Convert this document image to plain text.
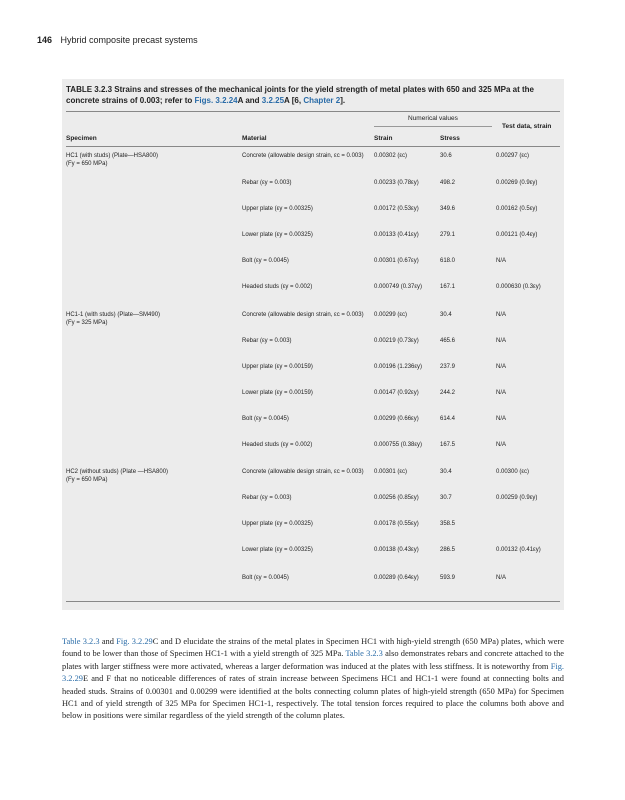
146 Hybrid composite precast systems
TABLE 3.2.3 Strains and stresses of the mechanical joints for the yield strength of metal plates with 650 and 325 MPa at the concrete strains of 0.003; refer to Figs. 3.2.24A and 3.2.25A [6, Chapter 2].
Numerical values
Specimen	Material	Strain	Stress
Test data, strain
HC1 (with studs) (Plate—HSA800)
(Fy = 650 MPa)
Concrete (allowable design strain, εc = 0.003)	0.00302 (εc)	30.6	0.00297 (εc)
Rebar (εy = 0.003)	0.00233 (0.78εy)	498.2	0.00269 (0.9εy)
Upper plate (εy = 0.00325)	0.00172 (0.53εy)	349.6	0.00162 (0.5εy)
Lower plate (εy = 0.00325)	0.00133 (0.41εy)	279.1	0.00121 (0.4εy)
Bolt (εy = 0.0045)	0.00301 (0.67εy)	618.0	N/A
Headed studs (εy = 0.002)	0.000749 (0.37εy)	167.1	0.000630 (0.3εy)
HC1-1 (with studs) (Plate—SM490)
(Fy = 325 MPa)
Concrete (allowable design strain, εc = 0.003)	0.00299 (εc)	30.4	N/A
Rebar (εy = 0.003)	0.00219 (0.73εy)	465.6	N/A
Upper plate (εy = 0.00159)	0.00196 (1.236εy)	237.9	N/A
Lower plate (εy = 0.00159)	0.00147 (0.92εy)	244.2	N/A
Bolt (εy = 0.0045)	0.00299 (0.66εy)	614.4	N/A
Headed studs (εy = 0.002)	0.000755 (0.38εy)	167.5	N/A
HC2 (without studs) (Plate —HSA800)
(Fy = 650 MPa)
Concrete (allowable design strain, εc = 0.003)	0.00301 (εc)	30.4	0.00300 (εc)
Rebar (εy = 0.003)	0.00256 (0.85εy)	30.7	0.00259 (0.9εy)
Upper plate (εy = 0.00325)	0.00178 (0.55εy)	358.5
Lower plate (εy = 0.00325)	0.00138 (0.43εy)	286.5	0.00132 (0.41εy)
Bolt (εy = 0.0045)	0.00289 (0.64εy)	593.9	N/A
Table 3.2.3 and Fig. 3.2.29C and D elucidate the strains of the metal plates in Specimen HC1 with high-yield strength (650 MPa) plates, which were found to be lower than those of Specimen HC1-1 with a yield strength of 325 MPa. Table 3.2.3 also demonstrates rebars and concrete attached to the plates with larger stiffness were more activated, whereas a larger deformation was induced at the plates with less stiffness. It is noteworthy from Fig. 3.2.29E and F that no noticeable differences of rates of strain increase between Specimens HC1 and HC1-1 were found at connecting bolts and headed studs. Strains of 0.00301 and 0.00299 were identified at the bolts connecting column plates of high-yield strength (650 MPa) for Specimen HC1 and of yield strength of 325 MPa for Specimen HC1-1, respectively. The total tension forces required to place the columns both above and below in positions were similar regardless of the yield strength of the column plates.
